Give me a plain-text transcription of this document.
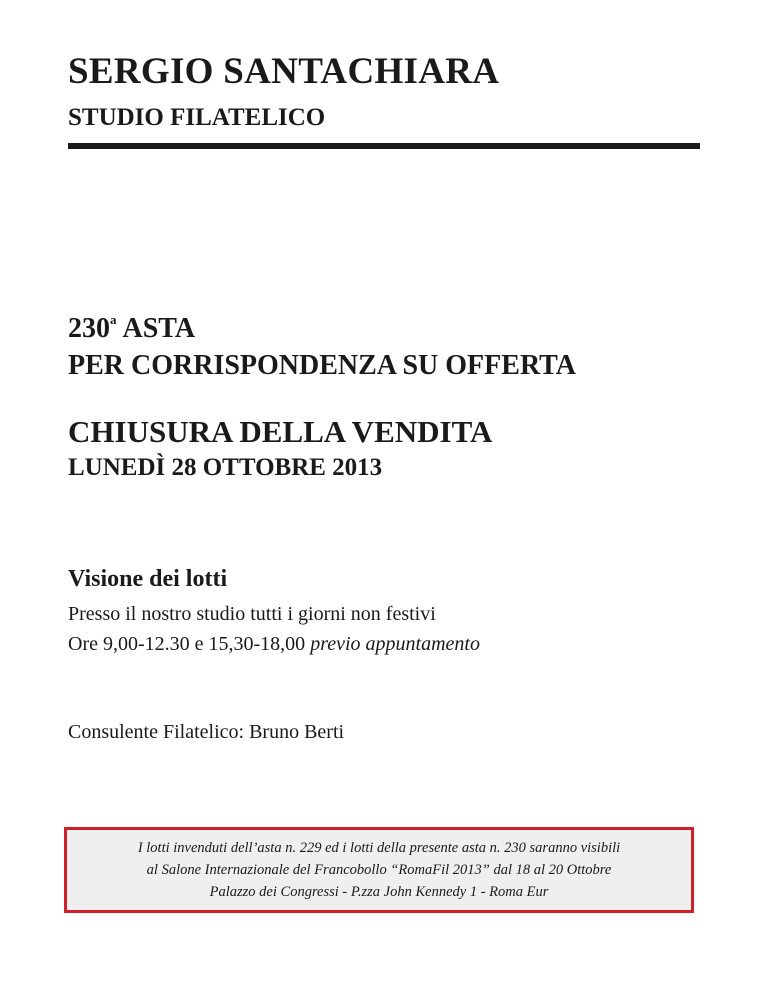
SERGIO SANTACHIARA
STUDIO FILATELICO
230$^a$ ASTA
PER CORRISPONDENZA SU OFFERTA
CHIUSURA DELLA VENDITA
LUNEDÌ 28 OTTOBRE 2013
Visione dei lotti
Presso il nostro studio tutti i giorni non festivi
Ore 9,00-12.30 e 15,30-18,00 previo appuntamento
Consulente Filatelico: Bruno Berti
I lotti invenduti dell’asta n. 229 ed i lotti della presente asta n. 230 saranno visibili
al Salone Internazionale del Francobollo “RomaFil 2013” dal 18 al 20 Ottobre
Palazzo dei Congressi - P.zza John Kennedy 1 - Roma Eur
